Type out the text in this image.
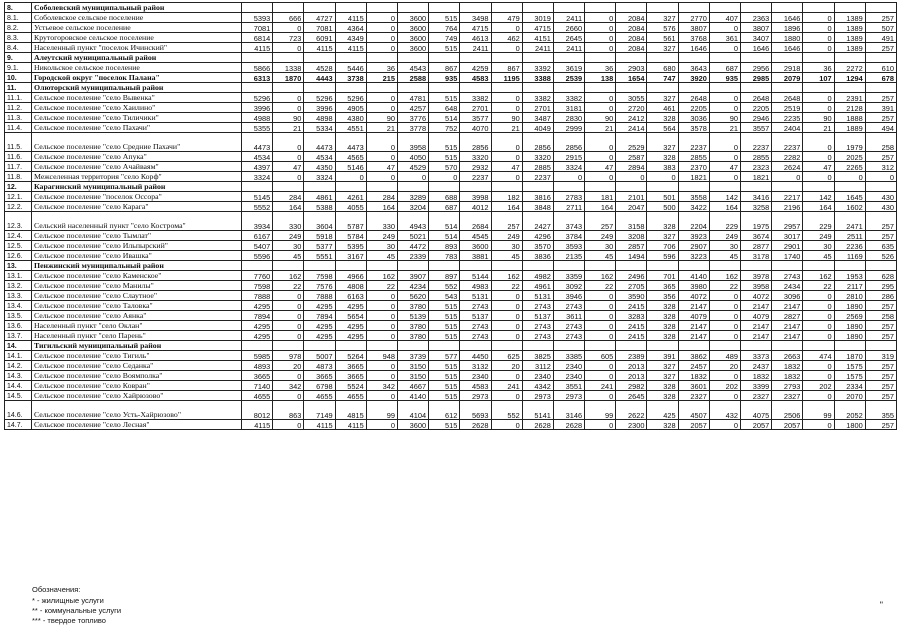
8.	Соболевский муниципальный район																					
8.1.	Соболевское сельское поселение	5393	666	4727	4115	0	3600	515	3498	479	3019	2411	0	2084	327	2770	407	2363	1646	0	1389	257
8.2.	Устьевое сельское поселение	7081	0	7081	4364	0	3600	764	4715	0	4715	2660	0	2084	576	3807	0	3807	1896	0	1389	507
8.3.	Крутогоровское сельское поселение	6814	723	6091	4349	0	3600	749	4613	462	4151	2645	0	2084	561	3768	361	3407	1880	0	1389	491
8.4.	Населенный пункт "поселок Ичинский"	4115	0	4115	4115	0	3600	515	2411	0	2411	2411	0	2084	327	1646	0	1646	1646	0	1389	257
9.	Алеутский муниципальный район																					
9.1.	Никольское сельское поселение	5866	1338	4528	5446	36	4543	867	4259	867	3392	3619	36	2903	680	3643	687	2956	2918	36	2272	610
10.	Городской округ "поселок Палана"	6313	1870	4443	3738	215	2588	935	4583	1195	3388	2539	138	1654	747	3920	935	2985	2079	107	1294	678
11.	Олюторский муниципальный район																					
11.1.	Сельское поселение "село Вывенка"	5296	0	5296	5296	0	4781	515	3382	0	3382	3382	0	3055	327	2648	0	2648	2648	0	2391	257
11.2.	Сельское поселение "село Хаилино"	3996	0	3996	4905	0	4257	648	2701	0	2701	3181	0	2720	461	2205	0	2205	2519	0	2128	391
11.3.	Сельское поселение "село Тиличики"	4988	90	4898	4380	90	3776	514	3577	90	3487	2830	90	2412	328	3036	90	2946	2235	90	1888	257
11.4.	Сельское поселение "село Пахачи"	5355	21	5334	4551	21	3778	752	4070	21	4049	2999	21	2414	564	3578	21	3557	2404	21	1889	494
11.5.	Сельское поселение "село Средние Пахачи"	4473	0	4473	4473	0	3958	515	2856	0	2856	2856	0	2529	327	2237	0	2237	2237	0	1979	258
11.6.	Сельское поселение "село Апука"	4534	0	4534	4565	0	4050	515	3320	0	3320	2915	0	2587	328	2855	0	2855	2282	0	2025	257
11.7.	Сельское поселение "село Ачайваям"	4397	47	4350	5146	47	4529	570	2932	47	2885	3324	47	2894	383	2370	47	2323	2624	47	2265	312
11.8.	Межселенная территория "село Корф"	3324	0	3324	0	0	0	0	2237	0	2237	0	0	0	0	1821	0	1821	0	0	0	0
12.	Карагинский муниципальный район																					
12.1.	Сельское поселение "поселок Оссора"	5145	284	4861	4261	284	3289	688	3998	182	3816	2783	181	2101	501	3558	142	3416	2217	142	1645	430
12.2.	Сельское поселение "село Карага"	5552	164	5388	4055	164	3204	687	4012	164	3848	2711	164	2047	500	3422	164	3258	2196	164	1602	430
12.3.	Сельский населенный пункт "село Кострома"	3934	330	3604	5787	330	4943	514	2684	257	2427	3743	257	3158	328	2204	229	1975	2957	229	2471	257
12.4.	Сельское поселение "село Тымлат"	6167	249	5918	5784	249	5021	514	4545	249	4296	3784	249	3208	327	3923	249	3674	3017	249	2511	257
12.5.	Сельское поселение "село Ильпырский"	5407	30	5377	5395	30	4472	893	3600	30	3570	3593	30	2857	706	2907	30	2877	2901	30	2236	635
12.6.	Сельское поселение "село Ивашка"	5596	45	5551	3167	45	2339	783	3881	45	3836	2135	45	1494	596	3223	45	3178	1740	45	1169	526
13.	Пенжинский муниципальный район																					
13.1.	Сельское поселение "село Каменское"	7760	162	7598	4966	162	3907	897	5144	162	4982	3359	162	2496	701	4140	162	3978	2743	162	1953	628
13.2.	Сельское поселение "село Манилы"	7598	22	7576	4808	22	4234	552	4983	22	4961	3092	22	2705	365	3980	22	3958	2434	22	2117	295
13.3.	Сельское поселение "село Слаутное"	7888	0	7888	6163	0	5620	543	5131	0	5131	3946	0	3590	356	4072	0	4072	3096	0	2810	286
13.4.	Сельское поселение "село Таловка"	4295	0	4295	4295	0	3780	515	2743	0	2743	2743	0	2415	328	2147	0	2147	2147	0	1890	257
13.5.	Сельское поселение "село Аянка"	7894	0	7894	5654	0	5139	515	5137	0	5137	3611	0	3283	328	4079	0	4079	2827	0	2569	258
13.6.	Населенный пункт "село Оклан"	4295	0	4295	4295	0	3780	515	2743	0	2743	2743	0	2415	328	2147	0	2147	2147	0	1890	257
13.7.	Населенный пункт "село Парень"	4295	0	4295	4295	0	3780	515	2743	0	2743	2743	0	2415	328	2147	0	2147	2147	0	1890	257
14.	Тигильский муниципальный район																					
14.1.	Сельское поселение "село Тигиль"	5985	978	5007	5264	948	3739	577	4450	625	3825	3385	605	2389	391	3862	489	3373	2663	474	1870	319
14.2.	Сельское поселение "село Седанка"	4893	20	4873	3665	0	3150	515	3132	20	3112	2340	0	2013	327	2457	20	2437	1832	0	1575	257
14.3.	Сельское поселение "село Воямполка"	3665	0	3665	3665	0	3150	515	2340	0	2340	2340	0	2013	327	1832	0	1832	1832	0	1575	257
14.4.	Сельское поселение "село Ковран"	7140	342	6798	5524	342	4667	515	4583	241	4342	3551	241	2982	328	3601	202	3399	2793	202	2334	257
14.5.	Сельское поселение "село Хайрюзово"	4655	0	4655	4655	0	4140	515	2973	0	2973	2973	0	2645	328	2327	0	2327	2327	0	2070	257
14.6.	Сельское поселение "село Усть-Хайрюзово"	8012	863	7149	4815	99	4104	612	5693	552	5141	3146	99	2622	425	4507	432	4075	2506	99	2052	355
14.7.	Сельское поселение "село Лесная"	4115	0	4115	4115	0	3600	515	2628	0	2628	2628	0	2300	328	2057	0	2057	2057	0	1800	257
Обозначения:
* - жилищные услуги
** - коммунальные услуги
*** - твердое топливо
"
